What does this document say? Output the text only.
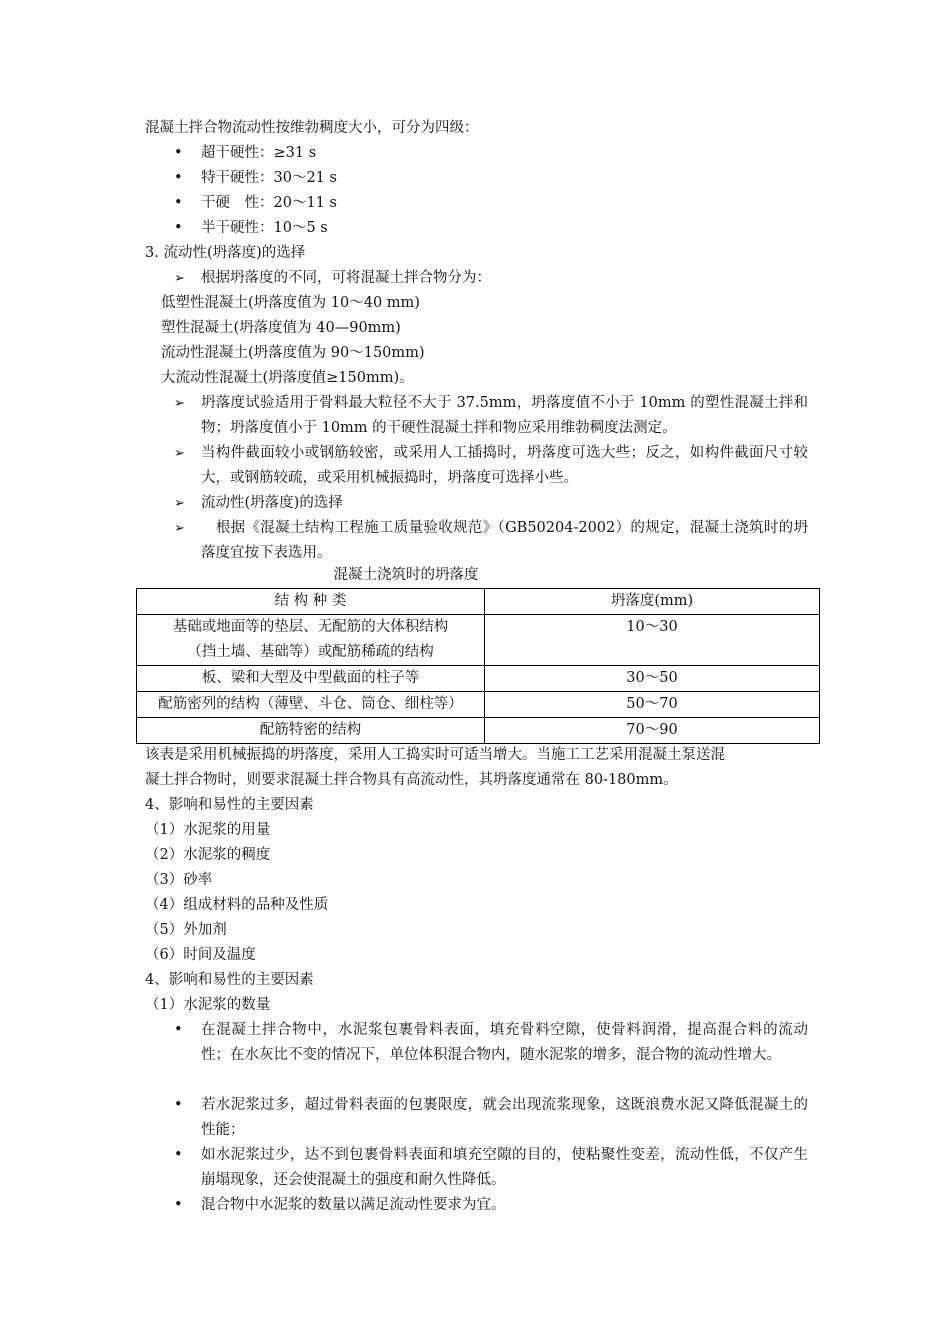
混凝土拌合物流动性按维勃稠度大小，可分为四级：
•	超干硬性：≥31 s
•	特干硬性：30～21 s
•	干硬　性：20～11 s
•	半干硬性：10～5 s
3. 流动性(坍落度)的选择
➢ 根据坍落度的不同，可将混凝土拌合物分为：
低塑性混凝土(坍落度值为 10～40 mm)
塑性混凝土(坍落度值为 40—90mm)
流动性混凝土(坍落度值为 90～150mm)
大流动性混凝土(坍落度值≥150mm)。
➢ 坍落度试验适用于骨料最大粒径不大于 37.5mm，坍落度值不小于 10mm 的塑性混凝土拌和物；坍落度值小于 10mm 的干硬性混凝土拌和物应采用维勃稠度法测定。
➢ 当构件截面较小或钢筋较密，或采用人工插捣时，坍落度可选大些；反之，如构件截面尺寸较大，或钢筋较疏，或采用机械振捣时，坍落度可选择小些。
➢ 流动性(坍落度)的选择
➢ 　根据《混凝土结构工程施工质量验收规范》（GB50204-2002）的规定，混凝土浇筑时的坍落度宜按下表选用。
混凝土浇筑时的坍落度
结 构 种 类	坍落度(mm)

基础或地面等的垫层、无配筋的大体积结构
（挡土墙、基础等）或配筋稀疏的结构	10～30
板、梁和大型及中型截面的柱子等	30～50
配筋密列的结构（薄壁、斗仓、筒仓、细柱等）	50～70
配筋特密的结构	70～90
该表是采用机械振捣的坍落度，采用人工捣实时可适当增大。当施工工艺采用混凝土泵送混
凝土拌合物时，则要求混凝土拌合物具有高流动性，其坍落度通常在 80-180mm。
4、影响和易性的主要因素
（1）水泥浆的用量
（2）水泥浆的稠度
（3）砂率
（4）组成材料的品种及性质
（5）外加剂
（6）时间及温度
4、影响和易性的主要因素
（1）水泥浆的数量
•	在混凝土拌合物中，水泥浆包裹骨料表面，填充骨料空隙，使骨料润滑，提高混合料的流动性；在水灰比不变的情况下，单位体积混合物内，随水泥浆的增多，混合物的流动性增大。
•	若水泥浆过多，超过骨料表面的包裹限度，就会出现流浆现象，这既浪费水泥又降低混凝土的性能；
•	如水泥浆过少，达不到包裹骨料表面和填充空隙的目的，使粘聚性变差，流动性低，不仅产生崩塌现象，还会使混凝土的强度和耐久性降低。
•	混合物中水泥浆的数量以满足流动性要求为宜。
